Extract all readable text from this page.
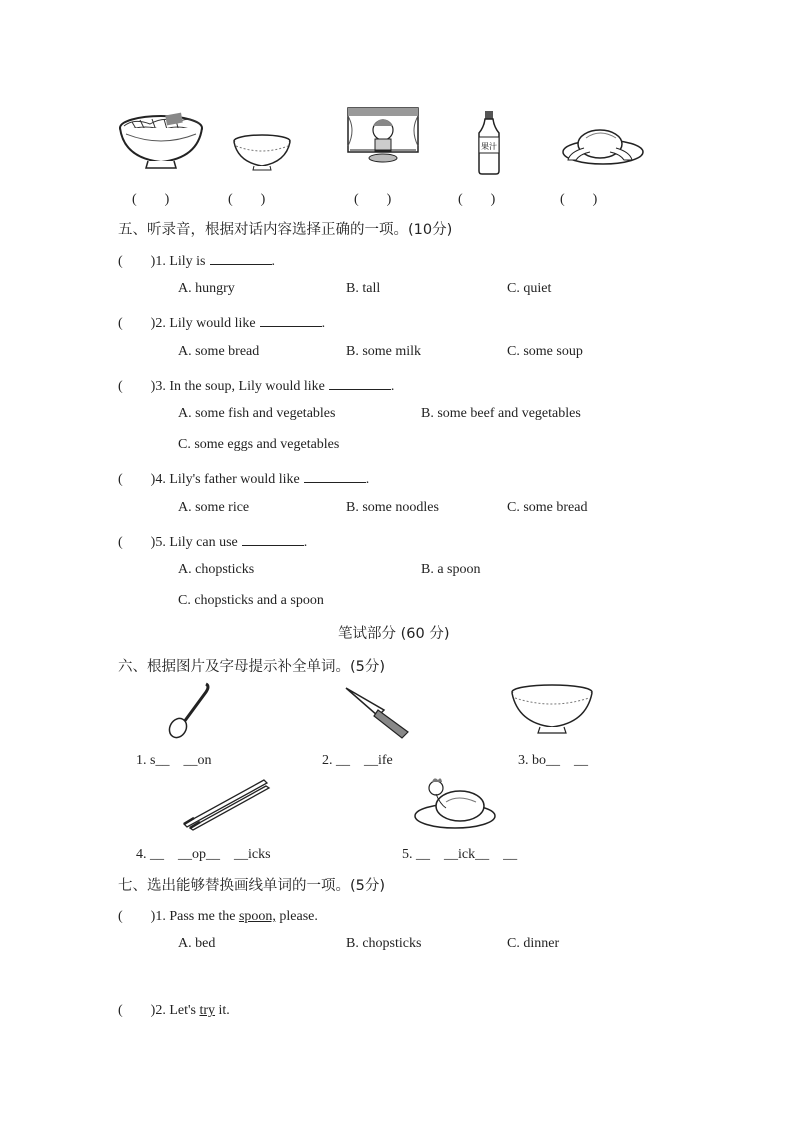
果汁
(　　)	(　　)	(　　)	(　　)	(　　)
五、听录音，根据对话内容选择正确的一项。(10分)
(　　)1. Lily is	.
A. hungry	B. tall	C. quiet
(　　)2. Lily would like	.
A. some bread	B. some milk	C. some soup
(　　)3. In the soup, Lily would like	.
A. some fish and vegetables	B. some beef and vegetables
C. some eggs and vegetables
(　　)4. Lily's father would like	.
A. some rice	B. some noodles	C. some bread
(　　)5. Lily can use	.
A. chopsticks	B. a spoon
C. chopsticks and a spoon
笔试部分 (60 分)
六、根据图片及字母提示补全单词。(5分)
1. s__　__on	2. __　__ife	3. bo__　__
4. __　__op__　__icks	5. __　__ick__　__
七、选出能够替换画线单词的一项。(5分)
(　　)1. Pass me the spoon, please.
A. bed	B. chopsticks	C. dinner
(　　)2. Let's try it.
